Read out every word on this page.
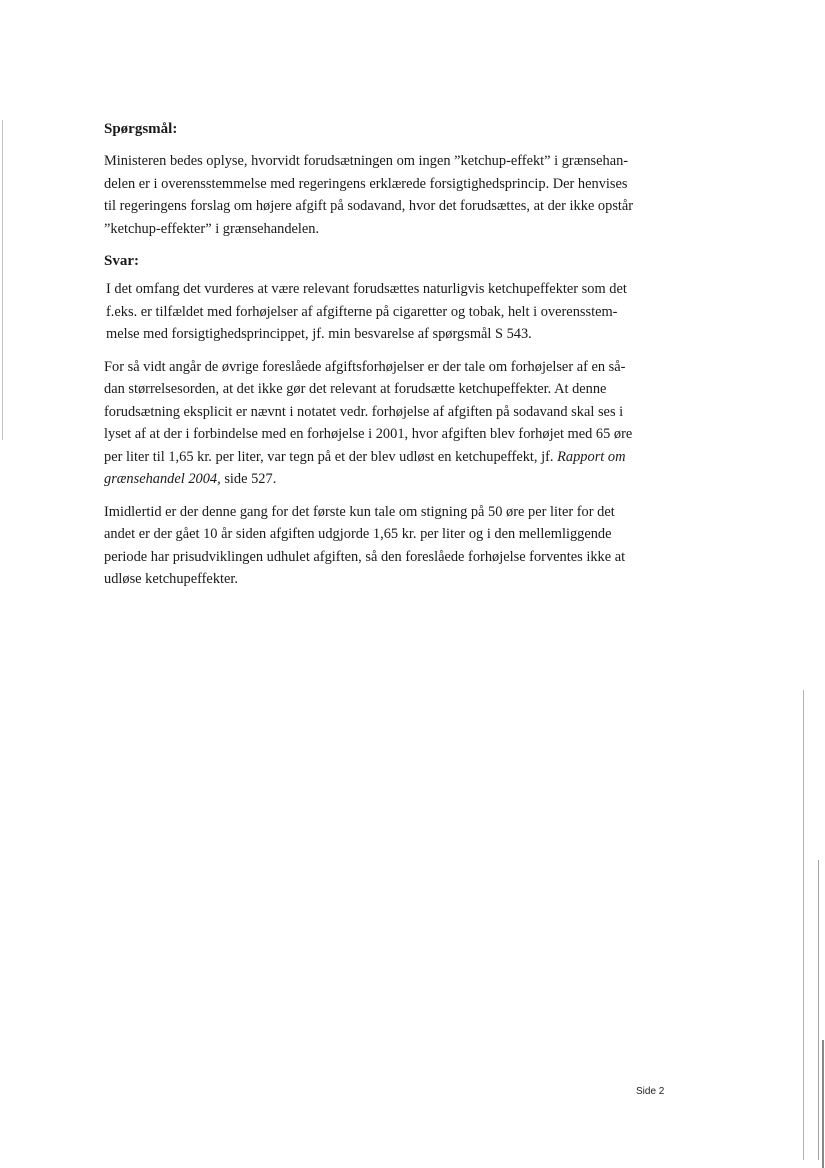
Spørgsmål:

Ministeren bedes oplyse, hvorvidt forudsætningen om ingen ”ketchup-effekt” i grænsehan-
delen er i overensstemmelse med regeringens erklærede forsigtighedsprincip. Der henvises
til regeringens forslag om højere afgift på sodavand, hvor det forudsættes, at der ikke opstår
”ketchup-effekter” i grænsehandelen.

Svar:

I det omfang det vurderes at være relevant forudsættes naturligvis ketchupeffekter som det
f.eks. er tilfældet med forhøjelser af afgifterne på cigaretter og tobak, helt i overensstem-
melse med forsigtighedsprincippet, jf. min besvarelse af spørgsmål S 543.

For så vidt angår de øvrige foreslåede afgiftsforhøjelser er der tale om forhøjelser af en så-
dan størrelsesorden, at det ikke gør det relevant at forudsætte ketchupeffekter. At denne
forudsætning eksplicit er nævnt i notatet vedr. forhøjelse af afgiften på sodavand skal ses i
lyset af at der i forbindelse med en forhøjelse i 2001, hvor afgiften blev forhøjet med 65 øre
per liter til 1,65 kr. per liter, var tegn på et der blev udløst en ketchupeffekt, jf. Rapport om
grænsehandel 2004, side 527.

Imidlertid er der denne gang for det første kun tale om stigning på 50 øre per liter for det
andet er der gået 10 år siden afgiften udgjorde 1,65 kr. per liter og i den mellemliggende
periode har prisudviklingen udhulet afgiften, så den foreslåede forhøjelse forventes ikke at
udløse ketchupeffekter.

Side 2
